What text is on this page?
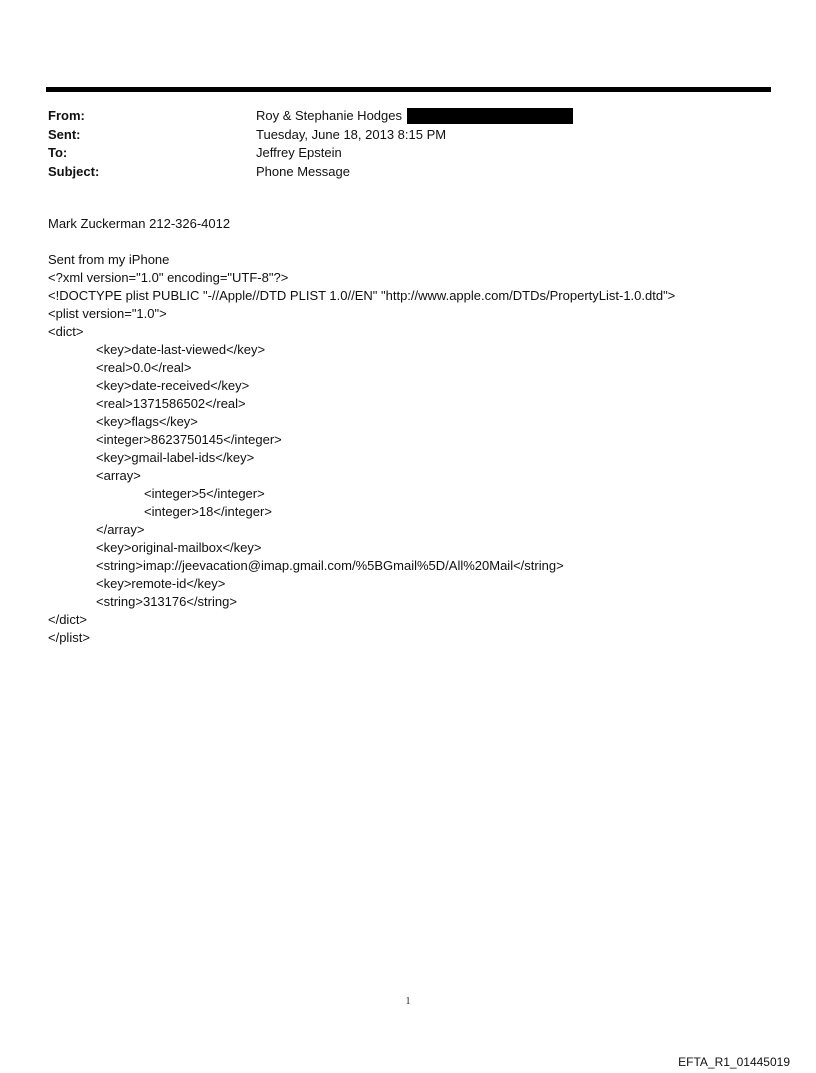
From:	Roy & Stephanie Hodges
Sent:	Tuesday, June 18, 2013 8:15 PM
To:	Jeffrey Epstein
Subject:	Phone Message
Mark Zuckerman 212-326-4012
Sent from my iPhone
<?xml version="1.0" encoding="UTF-8"?>
<!DOCTYPE plist PUBLIC "-//Apple//DTD PLIST 1.0//EN" "http://www.apple.com/DTDs/PropertyList-1.0.dtd">
<plist version="1.0">
<dict>
<key>date-last-viewed</key>
<real>0.0</real>
<key>date-received</key>
<real>1371586502</real>
<key>flags</key>
<integer>8623750145</integer>
<key>gmail-label-ids</key>
<array>
<integer>5</integer>
<integer>18</integer>
</array>
<key>original-mailbox</key>
<string>imap://jeevacation@imap.gmail.com/%5BGmail%5D/All%20Mail</string>
<key>remote-id</key>
<string>313176</string>
</dict>
</plist>
1
EFTA_R1_01445019
